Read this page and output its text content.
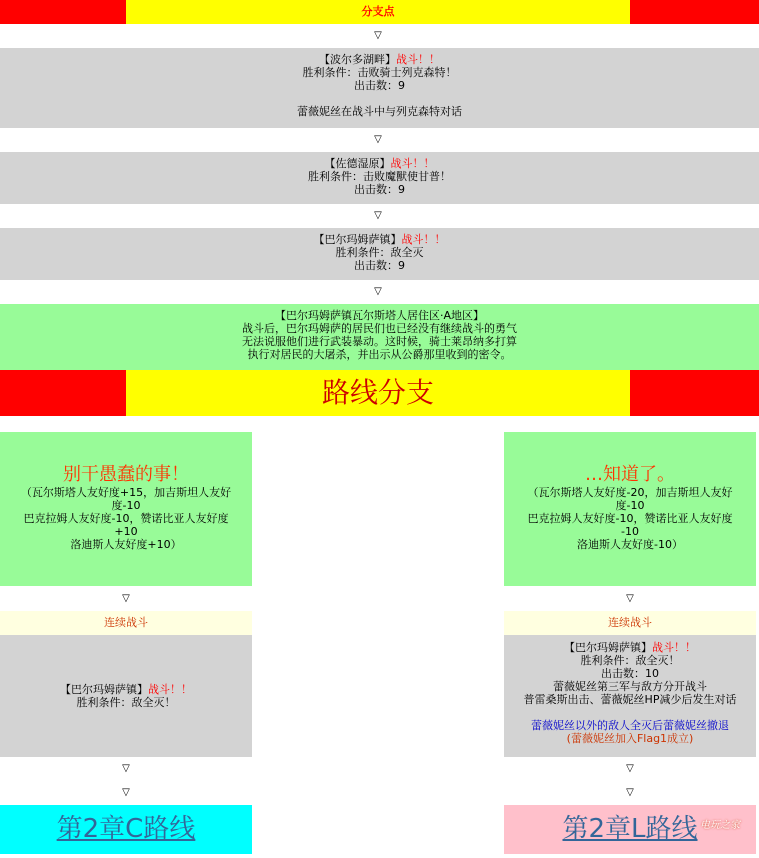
分支点
▽
【波尔多湖畔】战斗！！
胜利条件：击败骑士列克森特！
出击数：9
蕾薇妮丝在战斗中与列克森特对话
▽
【佐德湿原】战斗！！
胜利条件：击败魔獸使甘普！
出击数：9
▽
【巴尔玛姆萨镇】战斗！！
胜利条件：敌全灭
出击数：9
▽
【巴尔玛姆萨镇瓦尔斯塔人居住区·A地区】
战斗后，巴尔玛姆萨的居民们也已经没有继续战斗的勇气
无法说服他们进行武装暴动。这时候，骑士莱昂纳多打算
执行对居民的大屠杀，并出示从公爵那里收到的密令。
路线分支
别干愚蠢的事！
（瓦尔斯塔人友好度+15，加吉斯坦人友好
度-10
巴克拉姆人友好度-10，赞诺比亚人友好度
+10
洛迪斯人友好度+10）
▽
连续战斗
【巴尔玛姆萨镇】战斗！！
胜利条件：敌全灭！
▽
▽
第2章C路线
…知道了。
（瓦尔斯塔人友好度-20，加吉斯坦人友好
度-10
巴克拉姆人友好度-10，赞诺比亚人友好度
-10
洛迪斯人友好度-10）
▽
连续战斗
【巴尔玛姆萨镇】战斗！！
胜利条件：敌全灭！
出击数：10
蕾薇妮丝第三军与敌方分开战斗
普雷桑斯出击、蕾薇妮丝HP减少后发生对话
蕾薇妮丝以外的敌人全灭后蕾薇妮丝撤退
(蕾薇妮丝加入Flag1成立)
▽
▽
第2章L路线 电玩之家
